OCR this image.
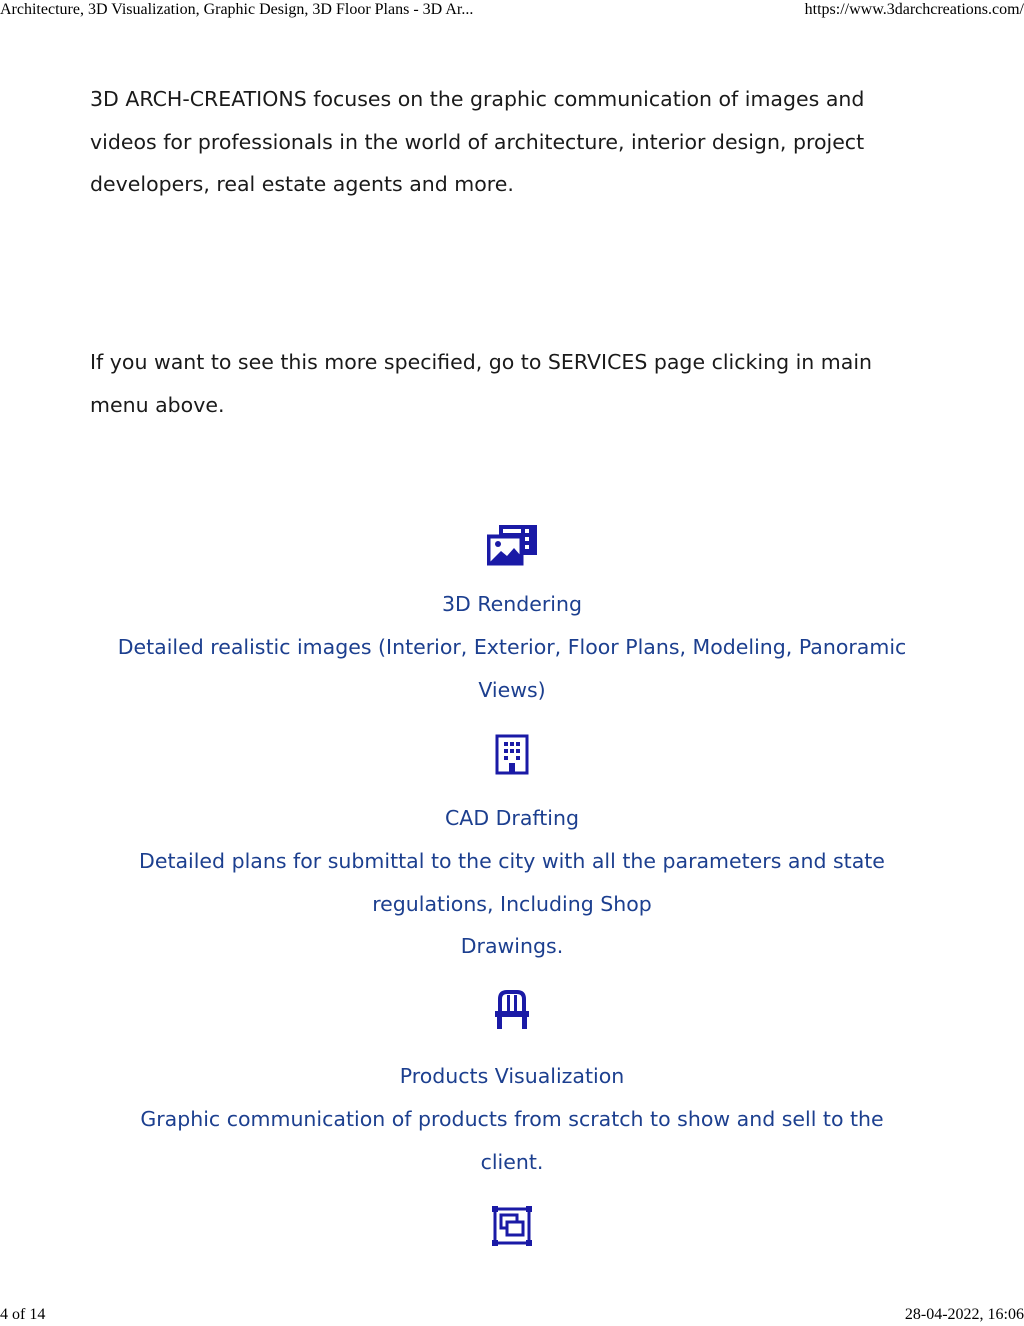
Architecture, 3D Visualization, Graphic Design, 3D Floor Plans - 3D Ar...	https://www.3darchcreations.com/

3D ARCH-CREATIONS focuses on the graphic communication of images and videos for professionals in the world of architecture, interior design, project developers, real estate agents and more.

If you want to see this more specified, go to SERVICES page clicking in main menu above.

3D Rendering
Detailed realistic images (Interior, Exterior, Floor Plans, Modeling, Panoramic
Views)
CAD Drafting
Detailed plans for submittal to the city with all the parameters and state
regulations, Including Shop
Drawings.
Products Visualization
Graphic communication of products from scratch to show and sell to the
client.
4 of 14	28-04-2022, 16:06
